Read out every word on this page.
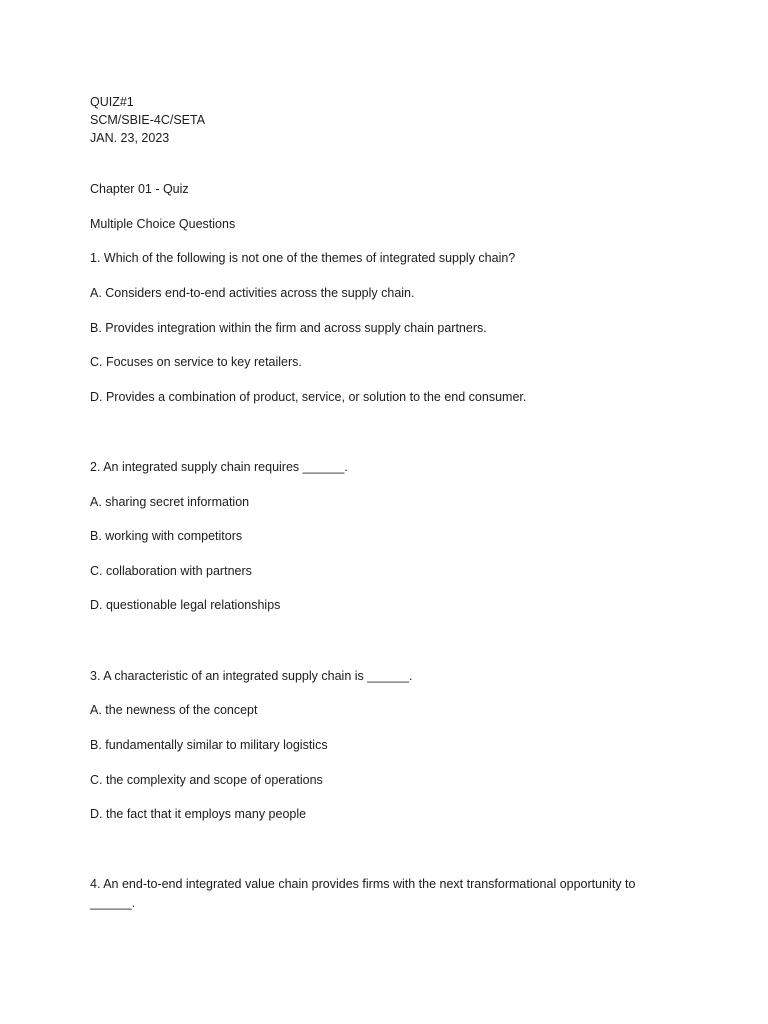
QUIZ#1
SCM/SBIE-4C/SETA
JAN. 23, 2023
Chapter 01 - Quiz
Multiple Choice Questions
1. Which of the following is not one of the themes of integrated supply chain?
A. Considers end-to-end activities across the supply chain.
B. Provides integration within the firm and across supply chain partners.
C. Focuses on service to key retailers.
D. Provides a combination of product, service, or solution to the end consumer.
2. An integrated supply chain requires ______.
A. sharing secret information
B. working with competitors
C. collaboration with partners
D. questionable legal relationships
3. A characteristic of an integrated supply chain is ______.
A. the newness of the concept
B. fundamentally similar to military logistics
C. the complexity and scope of operations
D. the fact that it employs many people
4. An end-to-end integrated value chain provides firms with the next transformational opportunity to ______.
